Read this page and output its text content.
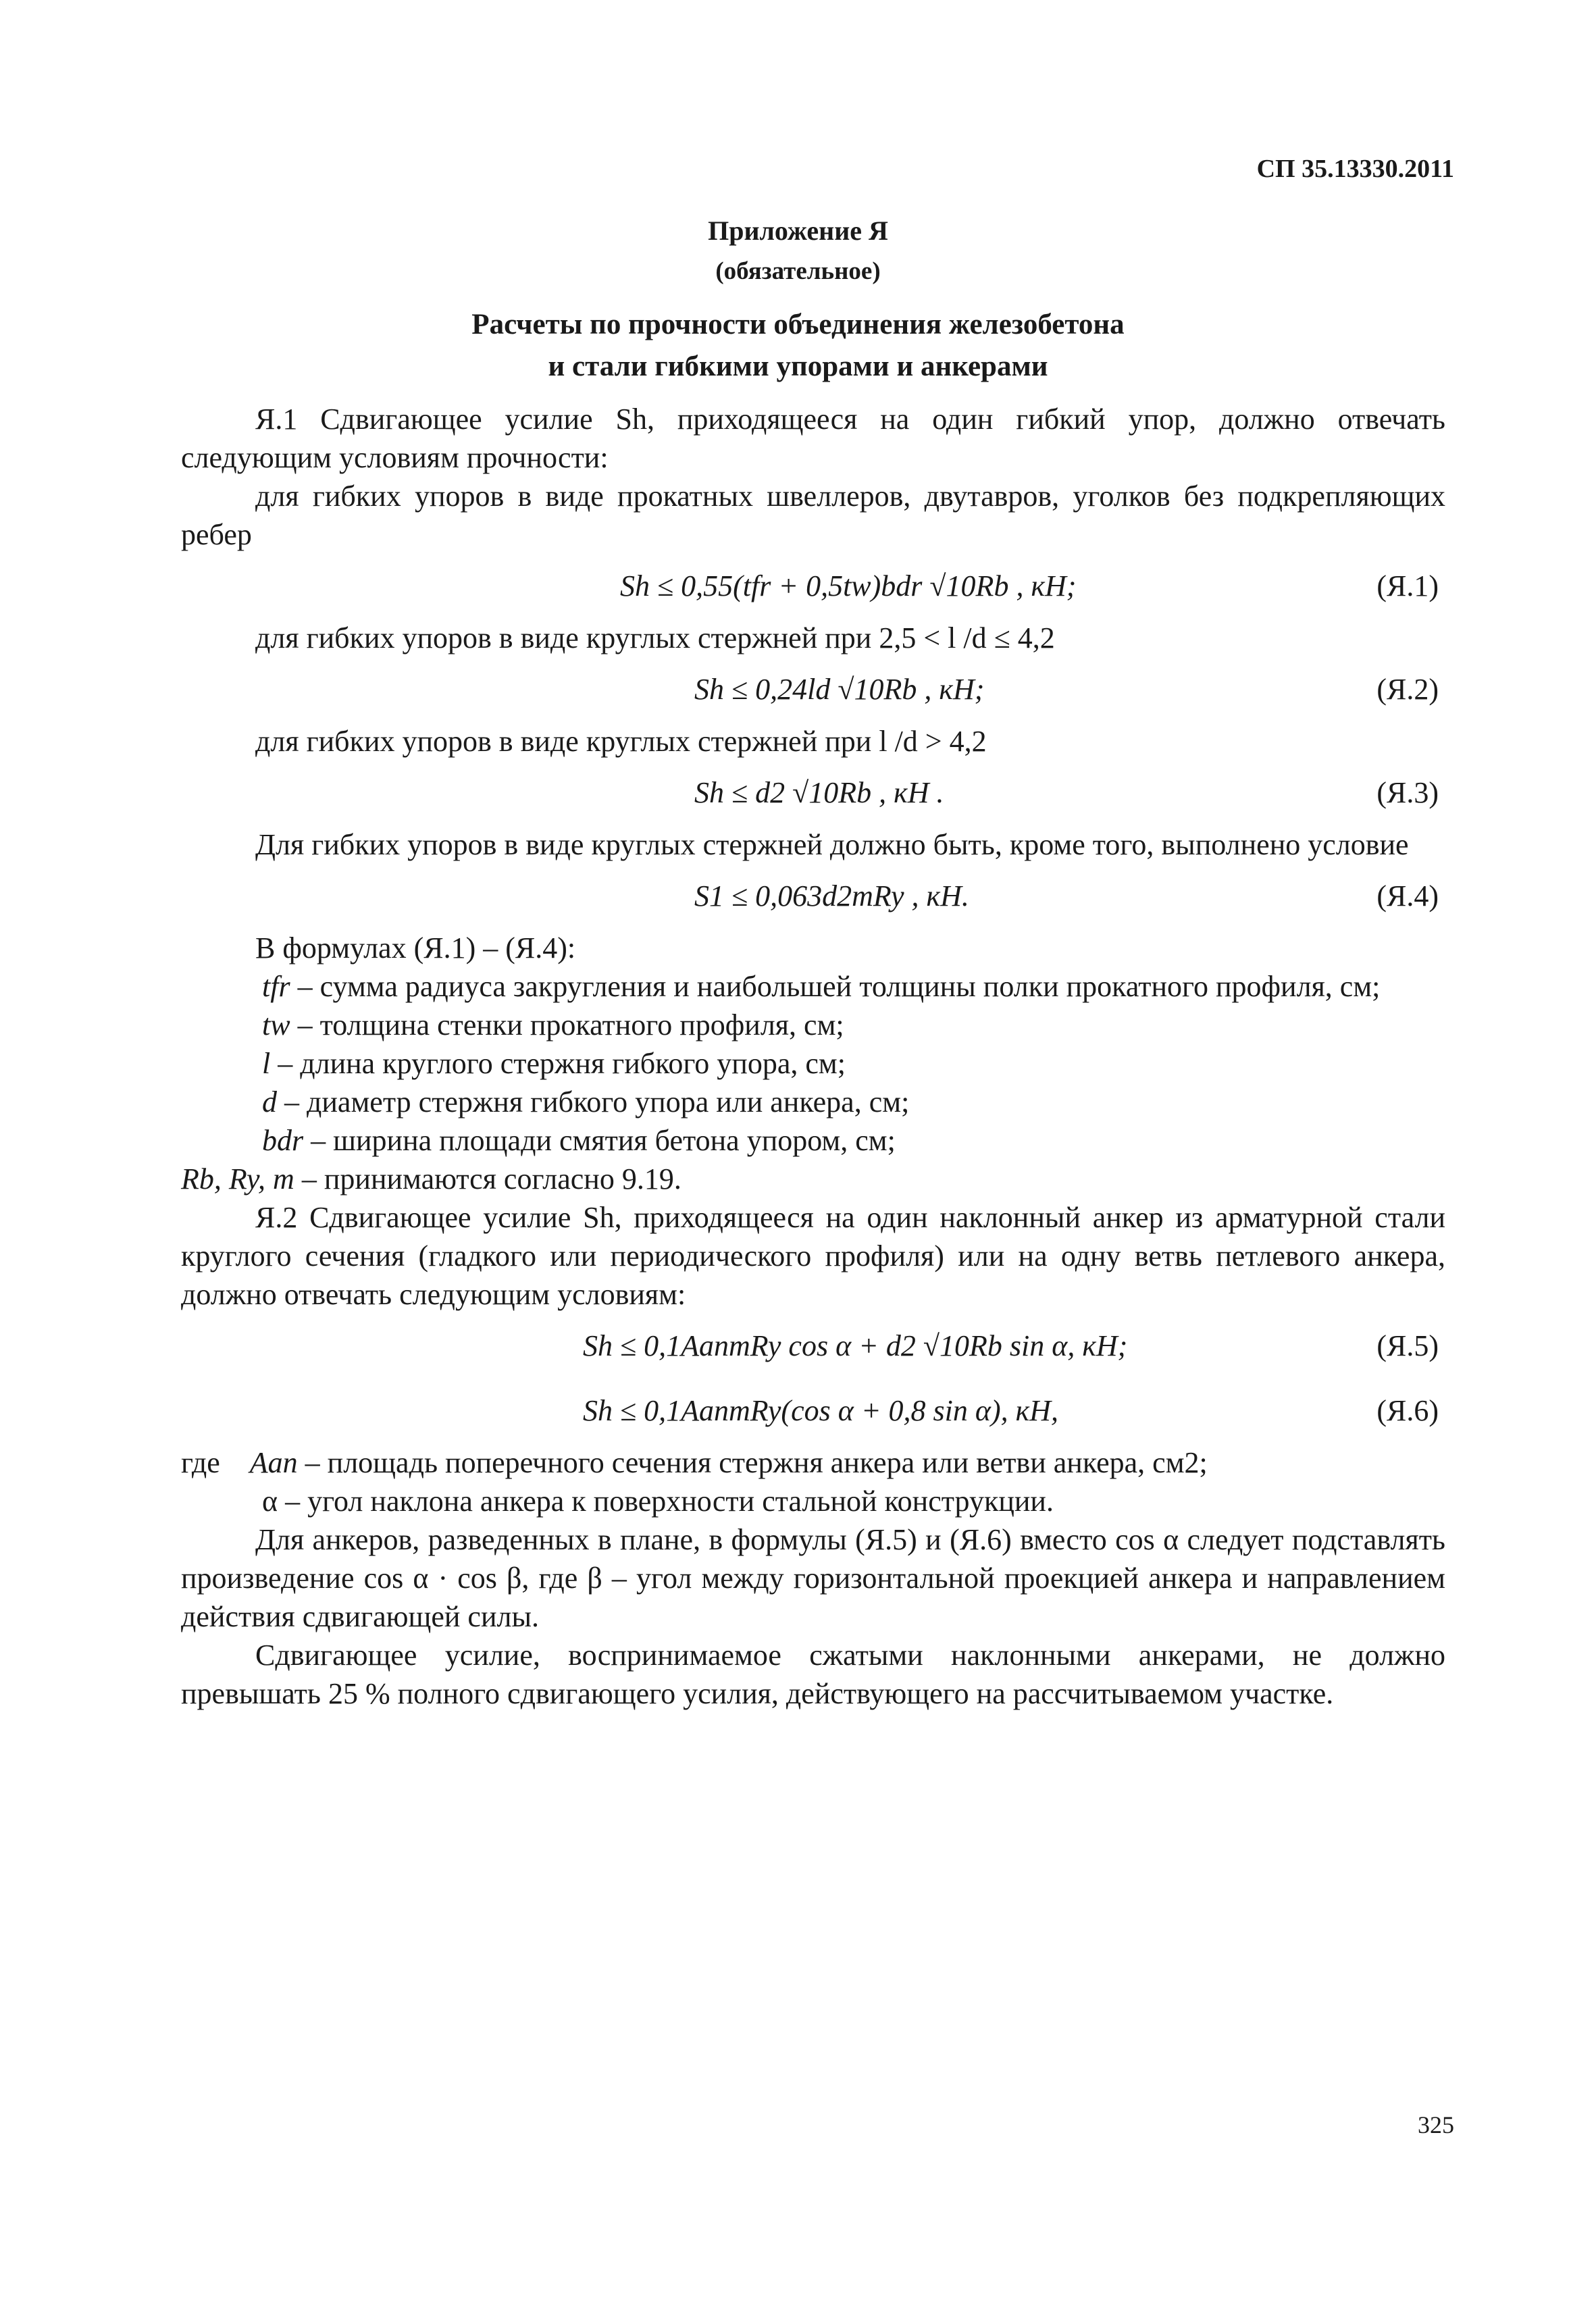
СП 35.13330.2011
Приложение Я
(обязательное)
Расчеты по прочности объединения железобетона
и стали гибкими упорами и анкерами

Я.1 Сдвигающее усилие Sh, приходящееся на один гибкий упор, должно отвечать следующим условиям прочности:

для гибких упоров в виде прокатных швеллеров, двутавров, уголков без подкрепляющих ребер

Sh ≤ 0,55(tfr + 0,5tw)bdr √10Rb , кН;	(Я.1)

для гибких упоров в виде круглых стержней при 2,5 < l /d ≤ 4,2

Sh ≤ 0,24ld √10Rb , кН;	(Я.2)

для гибких упоров в виде круглых стержней при l /d > 4,2

Sh ≤ d2 √10Rb , кН .	(Я.3)

Для гибких упоров в виде круглых стержней должно быть, кроме того, выполнено условие

S1 ≤ 0,063d2mRy , кН.	(Я.4)

В формулах (Я.1) – (Я.4):

tfr – сумма радиуса закругления и наибольшей толщины полки прокатного профиля, см;

tw – толщина стенки прокатного профиля, см;

l – длина круглого стержня гибкого упора, см;

d – диаметр стержня гибкого упора или анкера, см;

bdr – ширина площади смятия бетона упором, см;

Rb, Ry, m – принимаются согласно 9.19.

Я.2 Сдвигающее усилие Sh, приходящееся на один наклонный анкер из арматурной стали круглого сечения (гладкого или периодического профиля) или на одну ветвь петлевого анкера, должно отвечать следующим условиям:

Sh ≤ 0,1AanmRy cos α + d2 √10Rb sin α, кН;	(Я.5)
Sh ≤ 0,1AanmRy(cos α + 0,8 sin α), кН,	(Я.6)

где Aan – площадь поперечного сечения стержня анкера или ветви анкера, см2;

α – угол наклона анкера к поверхности стальной конструкции.

Для анкеров, разведенных в плане, в формулы (Я.5) и (Я.6) вместо cos α следует подставлять произведение cos α · cos β, где β – угол между горизонтальной проекцией анкера и направлением действия сдвигающей силы.

Сдвигающее усилие, воспринимаемое сжатыми наклонными анкерами, не должно превышать 25 % полного сдвигающего усилия, действующего на рассчитываемом участке.

325
